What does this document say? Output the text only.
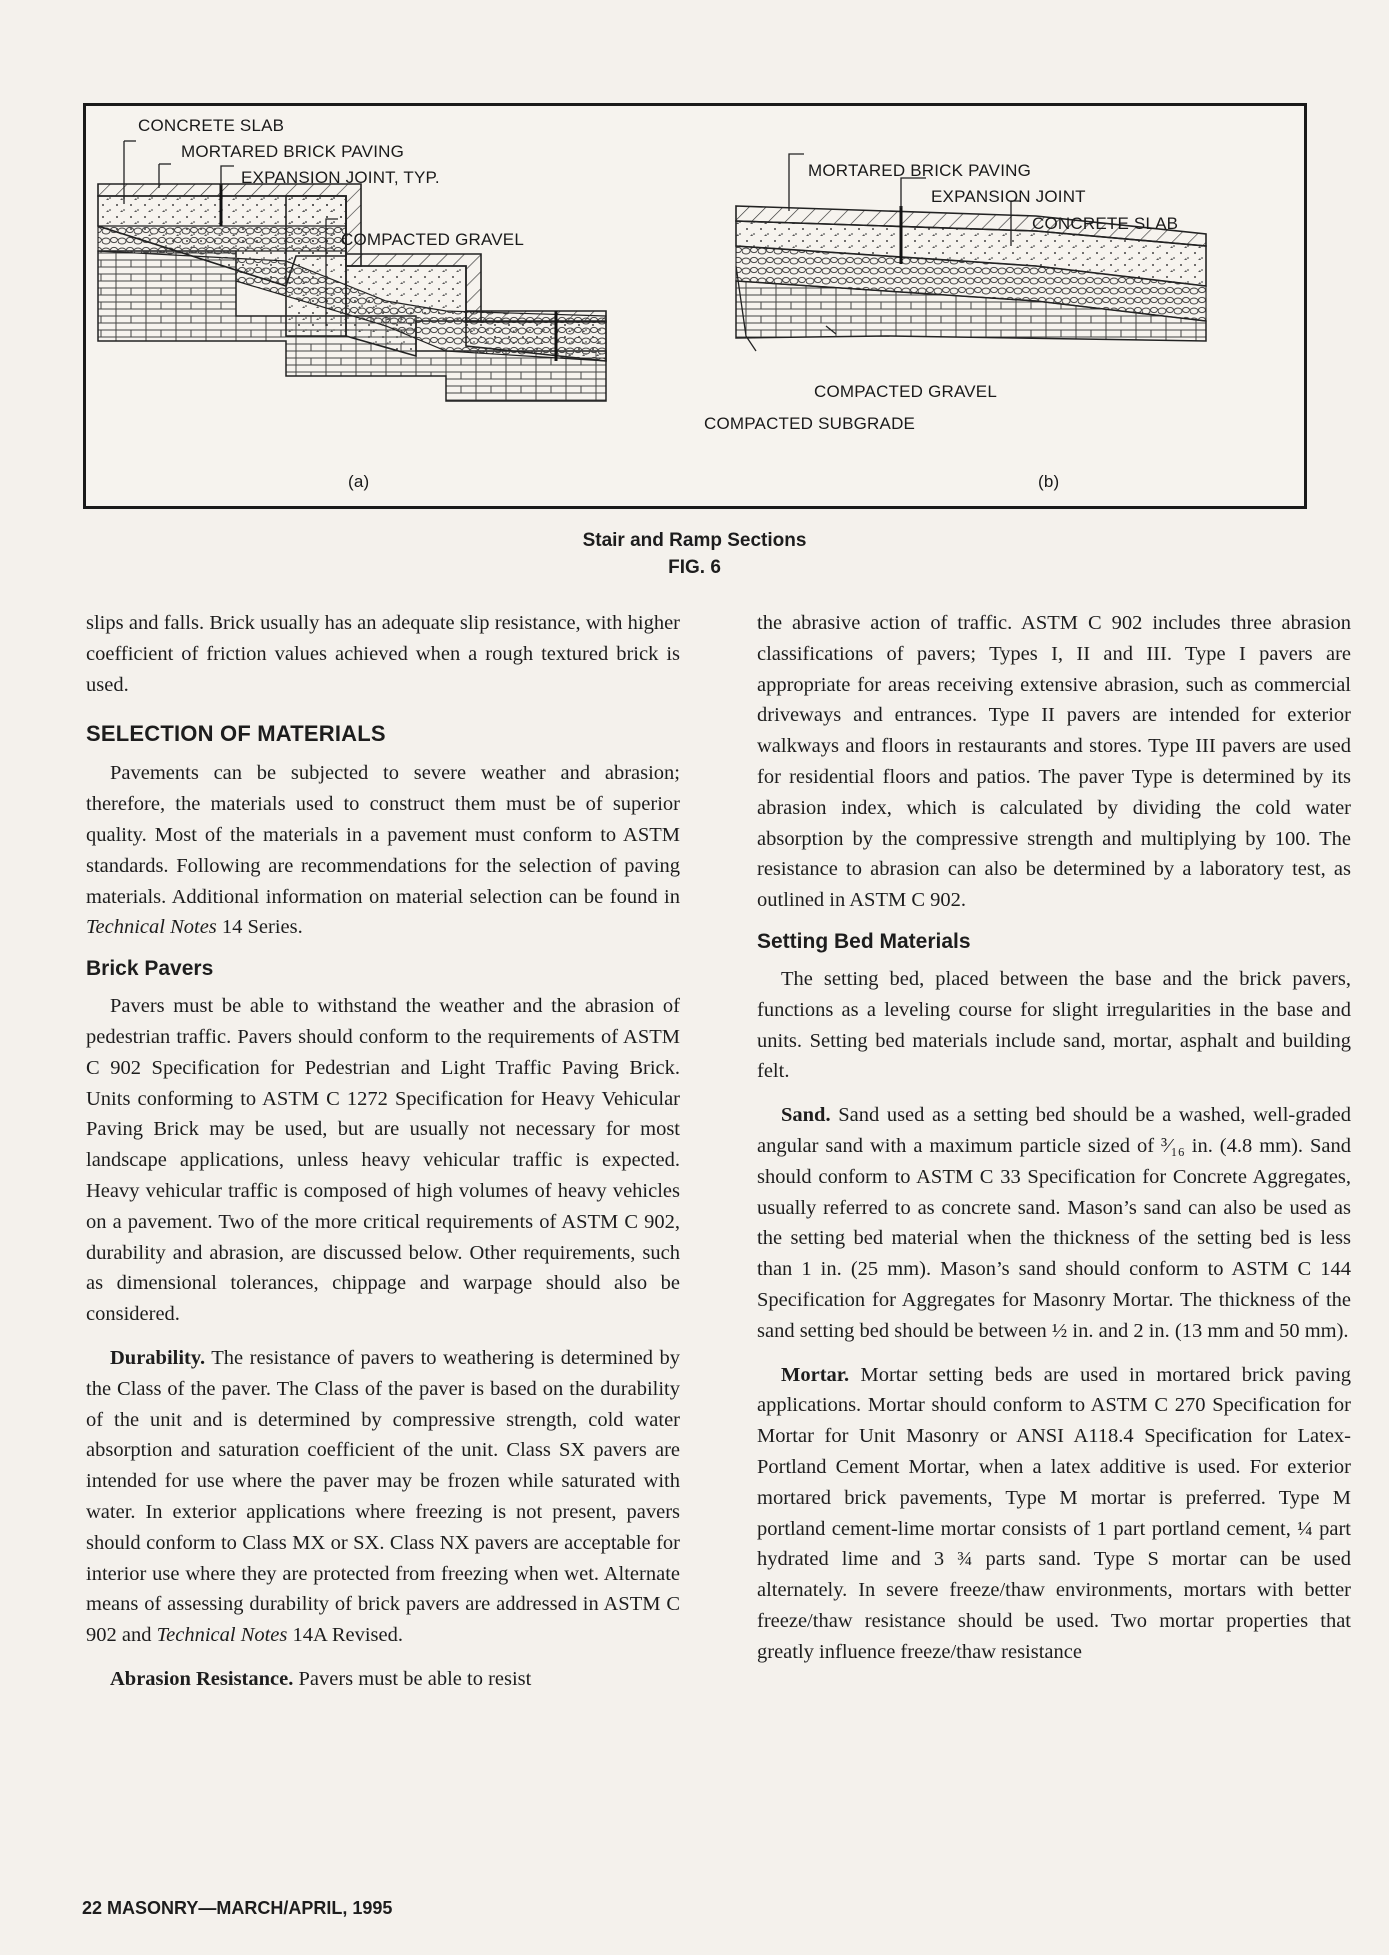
CONCRETE SLAB
MORTARED BRICK PAVING
EXPANSION JOINT, TYP.
COMPACTED GRAVEL
(a)
MORTARED BRICK PAVING
EXPANSION JOINT
CONCRETE SLAB
COMPACTED GRAVEL
COMPACTED SUBGRADE
(b)
Stair and Ramp Sections
FIG. 6

slips and falls. Brick usually has an adequate slip resistance, with higher coefficient of friction values achieved when a rough textured brick is used.

SELECTION OF MATERIALS

Pavements can be subjected to severe weather and abrasion; therefore, the materials used to construct them must be of superior quality. Most of the materials in a pavement must conform to ASTM standards. Following are recommendations for the selection of paving materials. Additional information on material selection can be found in Technical Notes 14 Series.

Brick Pavers

Pavers must be able to withstand the weather and the abrasion of pedestrian traffic. Pavers should conform to the requirements of ASTM C 902 Specification for Pedestrian and Light Traffic Paving Brick. Units conforming to ASTM C 1272 Specification for Heavy Vehicular Paving Brick may be used, but are usually not necessary for most landscape applications, unless heavy vehicular traffic is expected. Heavy vehicular traffic is composed of high volumes of heavy vehicles on a pavement. Two of the more critical requirements of ASTM C 902, durability and abrasion, are discussed below. Other requirements, such as dimensional tolerances, chippage and warpage should also be considered.

Durability. The resistance of pavers to weathering is determined by the Class of the paver. The Class of the paver is based on the durability of the unit and is determined by compressive strength, cold water absorption and saturation coefficient of the unit. Class SX pavers are intended for use where the paver may be frozen while saturated with water. In exterior applications where freezing is not present, pavers should conform to Class MX or SX. Class NX pavers are acceptable for interior use where they are protected from freezing when wet. Alternate means of assessing durability of brick pavers are addressed in ASTM C 902 and Technical Notes 14A Revised.

Abrasion Resistance. Pavers must be able to resist

the abrasive action of traffic. ASTM C 902 includes three abrasion classifications of pavers; Types I, II and III. Type I pavers are appropriate for areas receiving extensive abrasion, such as commercial driveways and entrances. Type II pavers are intended for exterior walkways and floors in restaurants and stores. Type III pavers are used for residential floors and patios. The paver Type is determined by its abrasion index, which is calculated by dividing the cold water absorption by the compressive strength and multiplying by 100. The resistance to abrasion can also be determined by a laboratory test, as outlined in ASTM C 902.

Setting Bed Materials

The setting bed, placed between the base and the brick pavers, functions as a leveling course for slight irregularities in the base and units. Setting bed materials include sand, mortar, asphalt and building felt.

Sand. Sand used as a setting bed should be a washed, well-graded angular sand with a maximum particle sized of ³⁄₁₆ in. (4.8 mm). Sand should conform to ASTM C 33 Specification for Concrete Aggregates, usually referred to as concrete sand. Mason’s sand can also be used as the setting bed material when the thickness of the setting bed is less than 1 in. (25 mm). Mason’s sand should conform to ASTM C 144 Specification for Aggregates for Masonry Mortar. The thickness of the sand setting bed should be between ½ in. and 2 in. (13 mm and 50 mm).

Mortar. Mortar setting beds are used in mortared brick paving applications. Mortar should conform to ASTM C 270 Specification for Mortar for Unit Masonry or ANSI A118.4 Specification for Latex-Portland Cement Mortar, when a latex additive is used. For exterior mortared brick pavements, Type M mortar is preferred. Type M portland cement-lime mortar consists of 1 part portland cement, ¼ part hydrated lime and 3 ¾ parts sand. Type S mortar can be used alternately. In severe freeze/thaw environments, mortars with better freeze/thaw resistance should be used. Two mortar properties that greatly influence freeze/thaw resistance

22 MASONRY—MARCH/APRIL, 1995
